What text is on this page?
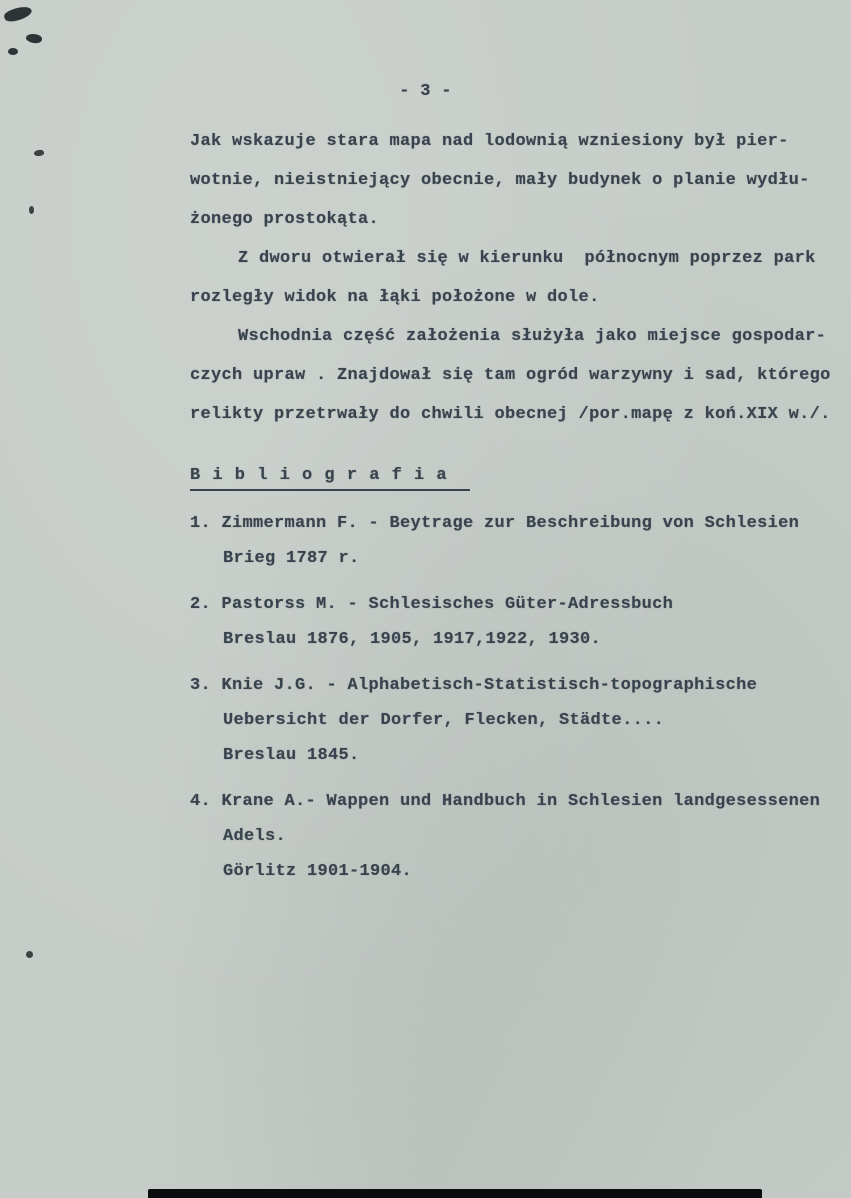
- 3 -
Jak wskazuje stara mapa nad lodownią wzniesiony był pier-
wotnie, nieistniejący obecnie, mały budynek o planie wydłu-
żonego prostokąta.
Z dworu otwierał się w kierunku  północnym poprzez park
rozległy widok na łąki położone w dole.
Wschodnia część założenia służyła jako miejsce gospodar-
czych upraw . Znajdował się tam ogród warzywny i sad, którego
relikty przetrwały do chwili obecnej /por.mapę z koń.XIX w./.
B i b l i o g r a f i a
1. Zimmermann F. - Beytrage zur Beschreibung von Schlesien
Brieg 1787 r.
2. Pastorss M. - Schlesisches Güter-Adressbuch
Breslau 1876, 1905, 1917,1922, 1930.
3. Knie J.G. - Alphabetisch-Statistisch-topographische
Uebersicht der Dorfer, Flecken, Städte....
Breslau 1845.
4. Krane A.- Wappen und Handbuch in Schlesien landgesessenen
Adels.
Görlitz 1901-1904.
